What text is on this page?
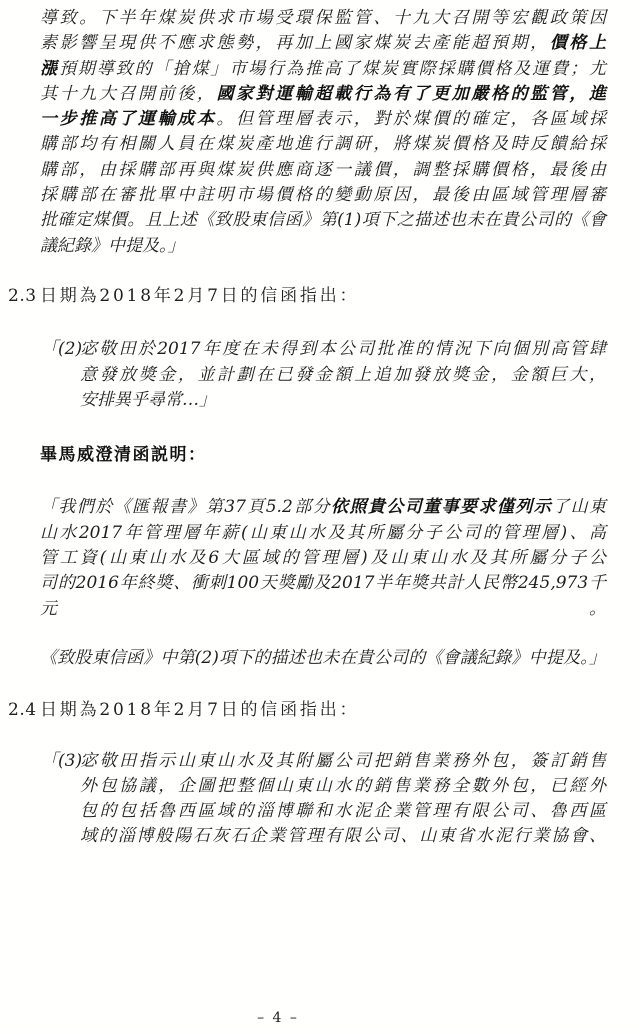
導致。下半年煤炭供求市場受環保監管、十九大召開等宏觀政策因
素影響呈現供不應求態勢，再加上國家煤炭去產能超預期，價格上
漲預期導致的「搶煤」市場行為推高了煤炭實際採購價格及運費；尤
其十九大召開前後，國家對運輸超載行為有了更加嚴格的監管，進
一步推高了運輸成本。但管理層表示，對於煤價的確定，各區域採
購部均有相關人員在煤炭產地進行調研，將煤炭價格及時反饋給採
購部，由採購部再與煤炭供應商逐一議價，調整採購價格，最後由
採購部在審批單中註明市場價格的變動原因，最後由區域管理層審
批確定煤價。且上述《致股東信函》第(1)項下之描述也未在貴公司的《會
議紀錄》中提及。」
2.3 日期為2018年2月7日的信函指出：
「(2)
宓敬田於2017年度在未得到本公司批准的情況下向個別高管肆
意發放獎金，並計劃在已發金額上追加發放獎金，金額巨大，
安排異乎尋常…」
畢馬威澄清函説明：
「我們於《匯報書》第37頁5.2部分依照貴公司董事要求僅列示了山東
山水2017年管理層年薪(山東山水及其所屬分子公司的管理層)、高
管工資(山東山水及6大區域的管理層)及山東山水及其所屬分子公
司的2016年終獎、衝刺100天獎勵及2017半年獎共計人民幣245,973千元。
《致股東信函》中第(2)項下的描述也未在貴公司的《會議紀錄》中提及。」
2.4 日期為2018年2月7日的信函指出：
「(3)
宓敬田指示山東山水及其附屬公司把銷售業務外包，簽訂銷售
外包協議，企圖把整個山東山水的銷售業務全數外包，已經外
包的包括魯西區域的淄博聯和水泥企業管理有限公司、魯西區
域的淄博般陽石灰石企業管理有限公司、山東省水泥行業協會、
– 4 –
